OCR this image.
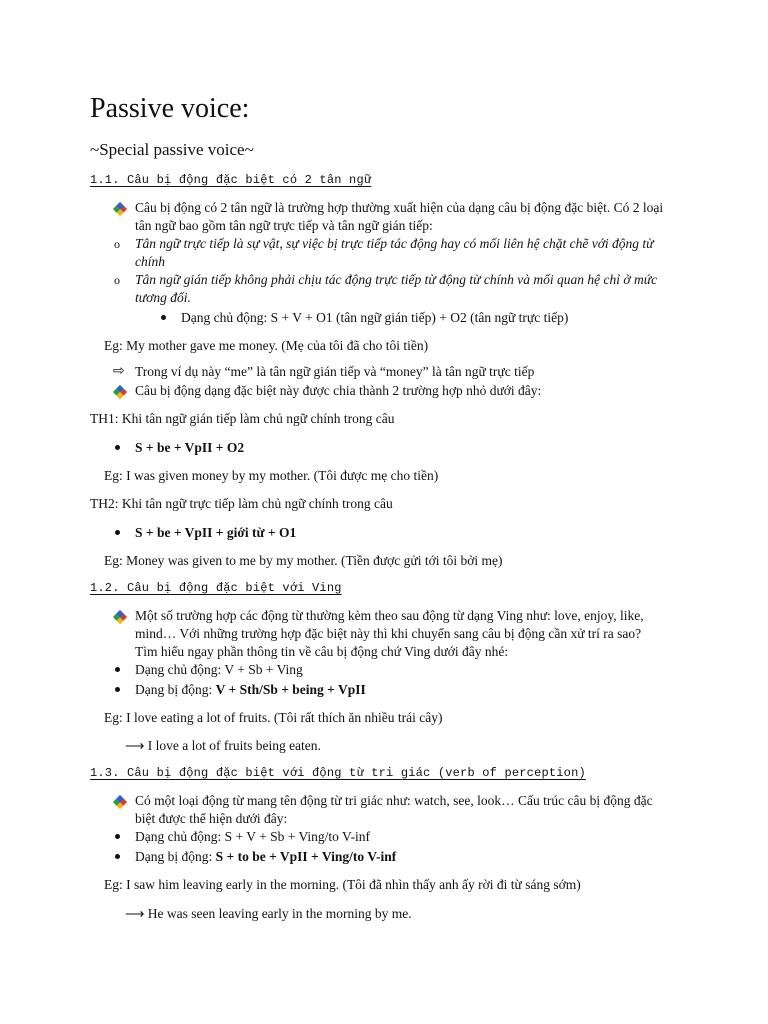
Passive voice:
~Special passive voice~
1.1. Câu bị động đặc biệt có 2 tân ngữ
Câu bị động có 2 tân ngữ là trường hợp thường xuất hiện của dạng câu bị động đặc biệt. Có 2 loại
tân ngữ bao gồm tân ngữ trực tiếp và tân ngữ gián tiếp:
o Tân ngữ trực tiếp là sự vật, sự việc bị trực tiếp tác động hay có mối liên hệ chặt chẽ với động từ
chính
o Tân ngữ gián tiếp không phải chịu tác động trực tiếp từ động từ chính và mối quan hệ chỉ ở mức
tương đối.
Dạng chủ động: S + V + O1 (tân ngữ gián tiếp) + O2 (tân ngữ trực tiếp)
Eg: My mother gave me money. (Mẹ của tôi đã cho tôi tiền)
⇨ Trong ví dụ này “me” là tân ngữ gián tiếp và “money” là tân ngữ trực tiếp
Câu bị động dạng đặc biệt này được chia thành 2 trường hợp nhỏ dưới đây:
TH1: Khi tân ngữ gián tiếp làm chủ ngữ chính trong câu
S + be + VpII + O2
Eg: I was given money by my mother. (Tôi được mẹ cho tiền)
TH2: Khi tân ngữ trực tiếp làm chủ ngữ chính trong câu
S + be + VpII + giới từ + O1
Eg: Money was given to me by my mother. (Tiền được gửi tới tôi bởi mẹ)
1.2. Câu bị động đặc biệt với Ving
Một số trường hợp các động từ thường kèm theo sau động từ dạng Ving như: love, enjoy, like,
mind… Với những trường hợp đặc biệt này thì khi chuyển sang câu bị động cần xử trí ra sao?
Tìm hiểu ngay phần thông tin về câu bị động chứ Ving dưới đây nhé:
Dạng chủ động: V + Sb + Ving
Dạng bị động: V + Sth/Sb + being + VpII
Eg: I love eating a lot of fruits. (Tôi rất thích ăn nhiều trái cây)
⟶ I love a lot of fruits being eaten.
1.3. Câu bị động đặc biệt với động từ tri giác (verb of perception)
Có một loại động từ mang tên động từ tri giác như: watch, see, look… Cấu trúc câu bị động đặc
biệt được thể hiện dưới đây:
Dạng chủ động: S + V + Sb + Ving/to V-inf
Dạng bị động: S + to be + VpII + Ving/to V-inf
Eg: I saw him leaving early in the morning. (Tôi đã nhìn thấy anh ấy rời đi từ sáng sớm)
⟶ He was seen leaving early in the morning by me.
